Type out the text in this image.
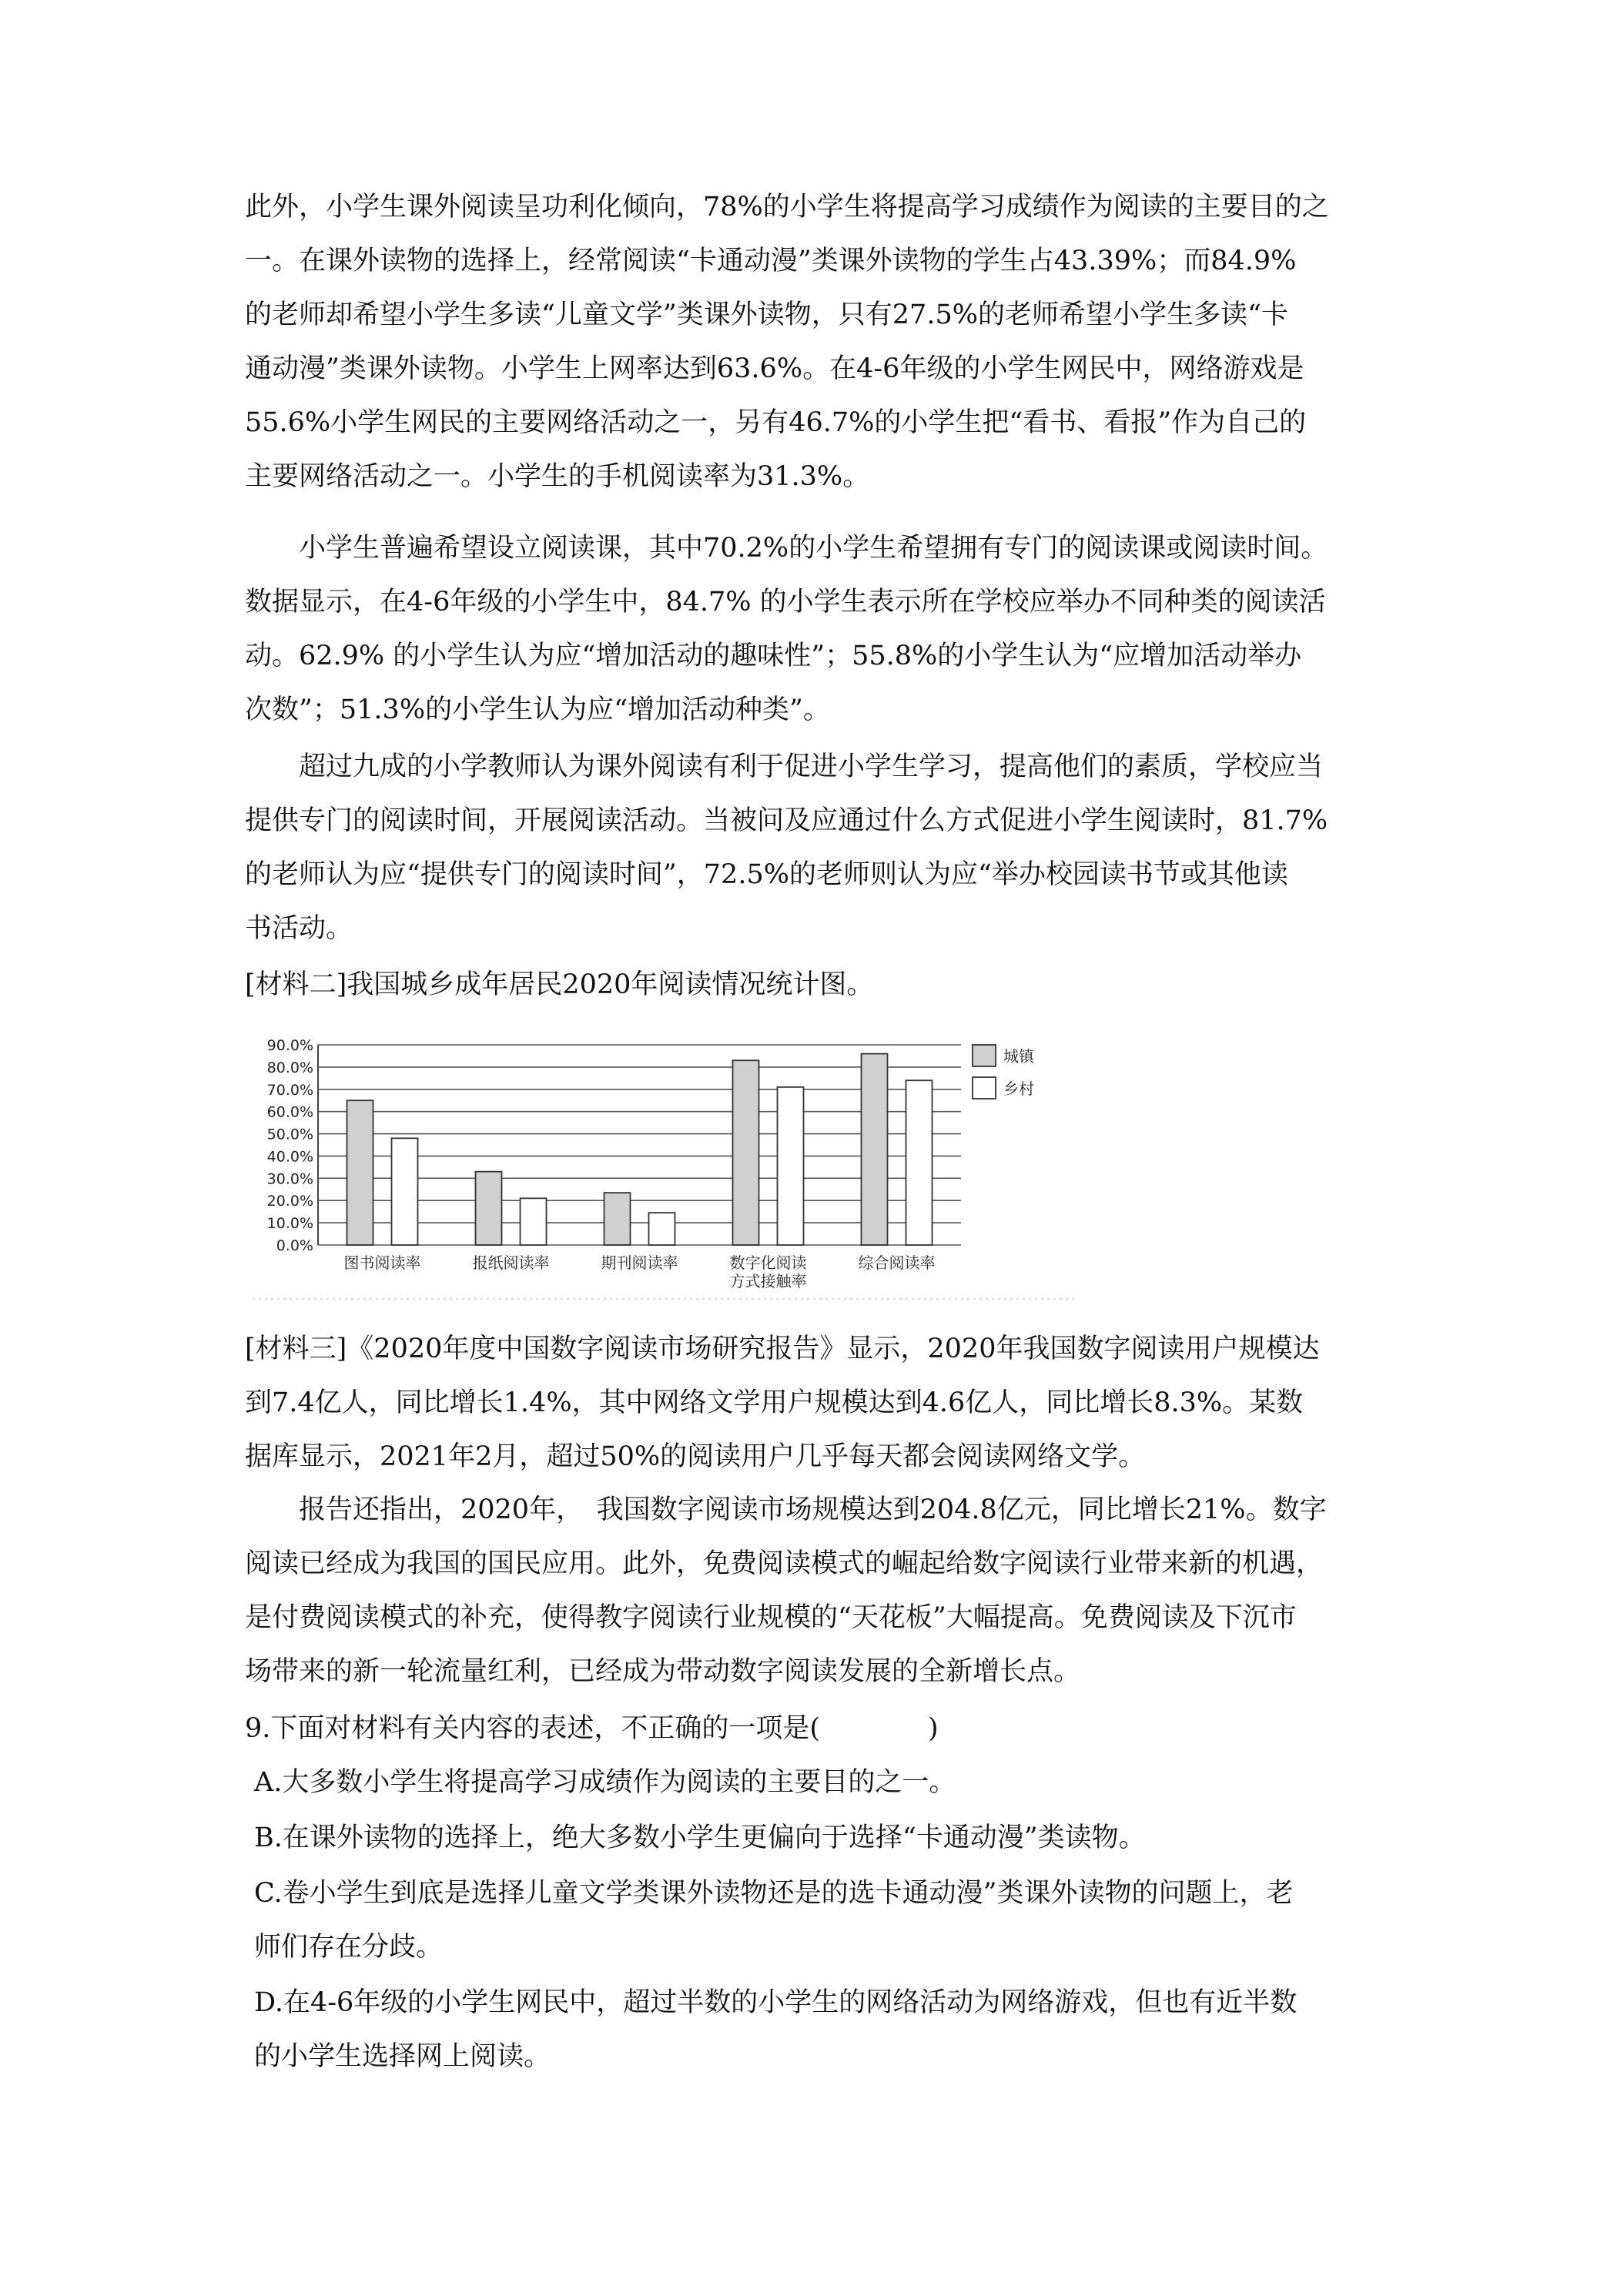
此外，小学生课外阅读呈功利化倾向，78%的小学生将提高学习成绩作为阅读的主要目的之
一。在课外读物的选择上，经常阅读“卡通动漫”类课外读物的学生占43.39%；而84.9%
的老师却希望小学生多读“儿童文学”类课外读物，只有27.5%的老师希望小学生多读“卡
通动漫”类课外读物。小学生上网率达到63.6%。在4-6年级的小学生网民中，网络游戏是
55.6%小学生网民的主要网络活动之一，另有46.7%的小学生把“看书、看报”作为自己的
主要网络活动之一。小学生的手机阅读率为31.3%。
　　小学生普遍希望设立阅读课，其中70.2%的小学生希望拥有专门的阅读课或阅读时间。
数据显示，在4-6年级的小学生中，84.7% 的小学生表示所在学校应举办不同种类的阅读活
动。62.9% 的小学生认为应“增加活动的趣味性”；55.8%的小学生认为“应增加活动举办
次数”；51.3%的小学生认为应“增加活动种类”。
　　超过九成的小学教师认为课外阅读有利于促进小学生学习，提高他们的素质，学校应当
提供专门的阅读时间，开展阅读活动。当被问及应通过什么方式促进小学生阅读时，81.7%
的老师认为应“提供专门的阅读时间”，72.5%的老师则认为应“举办校园读书节或其他读
书活动。
[材料二]我国城乡成年居民2020年阅读情况统计图。
0.0%
10.0%
20.0%
30.0%
40.0%
50.0%
60.0%
70.0%
80.0%
90.0%
图书阅读率	报纸阅读率	期刊阅读率	数字化阅读
方式接触率
综合阅读率
城镇
乡村
[材料三]《2020年度中国数字阅读市场研究报告》显示，2020年我国数字阅读用户规模达
到7.4亿人，同比增长1.4%，其中网络文学用户规模达到4.6亿人，同比增长8.3%。某数
据库显示，2021年2月，超过50%的阅读用户几乎每天都会阅读网络文学。
　　报告还指出，2020年，　我国数字阅读市场规模达到204.8亿元，同比增长21%。数字
阅读已经成为我国的国民应用。此外，免费阅读模式的崛起给数字阅读行业带来新的机遇，
是付费阅读模式的补充，使得教字阅读行业规模的“天花板”大幅提高。免费阅读及下沉市
场带来的新一轮流量红利，已经成为带动数字阅读发展的全新增长点。
9.下面对材料有关内容的表述，不正确的一项是(　　　　)
A.大多数小学生将提高学习成绩作为阅读的主要目的之一。
B.在课外读物的选择上，绝大多数小学生更偏向于选择“卡通动漫”类读物。
C.卷小学生到底是选择儿童文学类课外读物还是的选卡通动漫”类课外读物的问题上，老
师们存在分歧。
D.在4-6年级的小学生网民中，超过半数的小学生的网络活动为网络游戏，但也有近半数
的小学生选择网上阅读。
